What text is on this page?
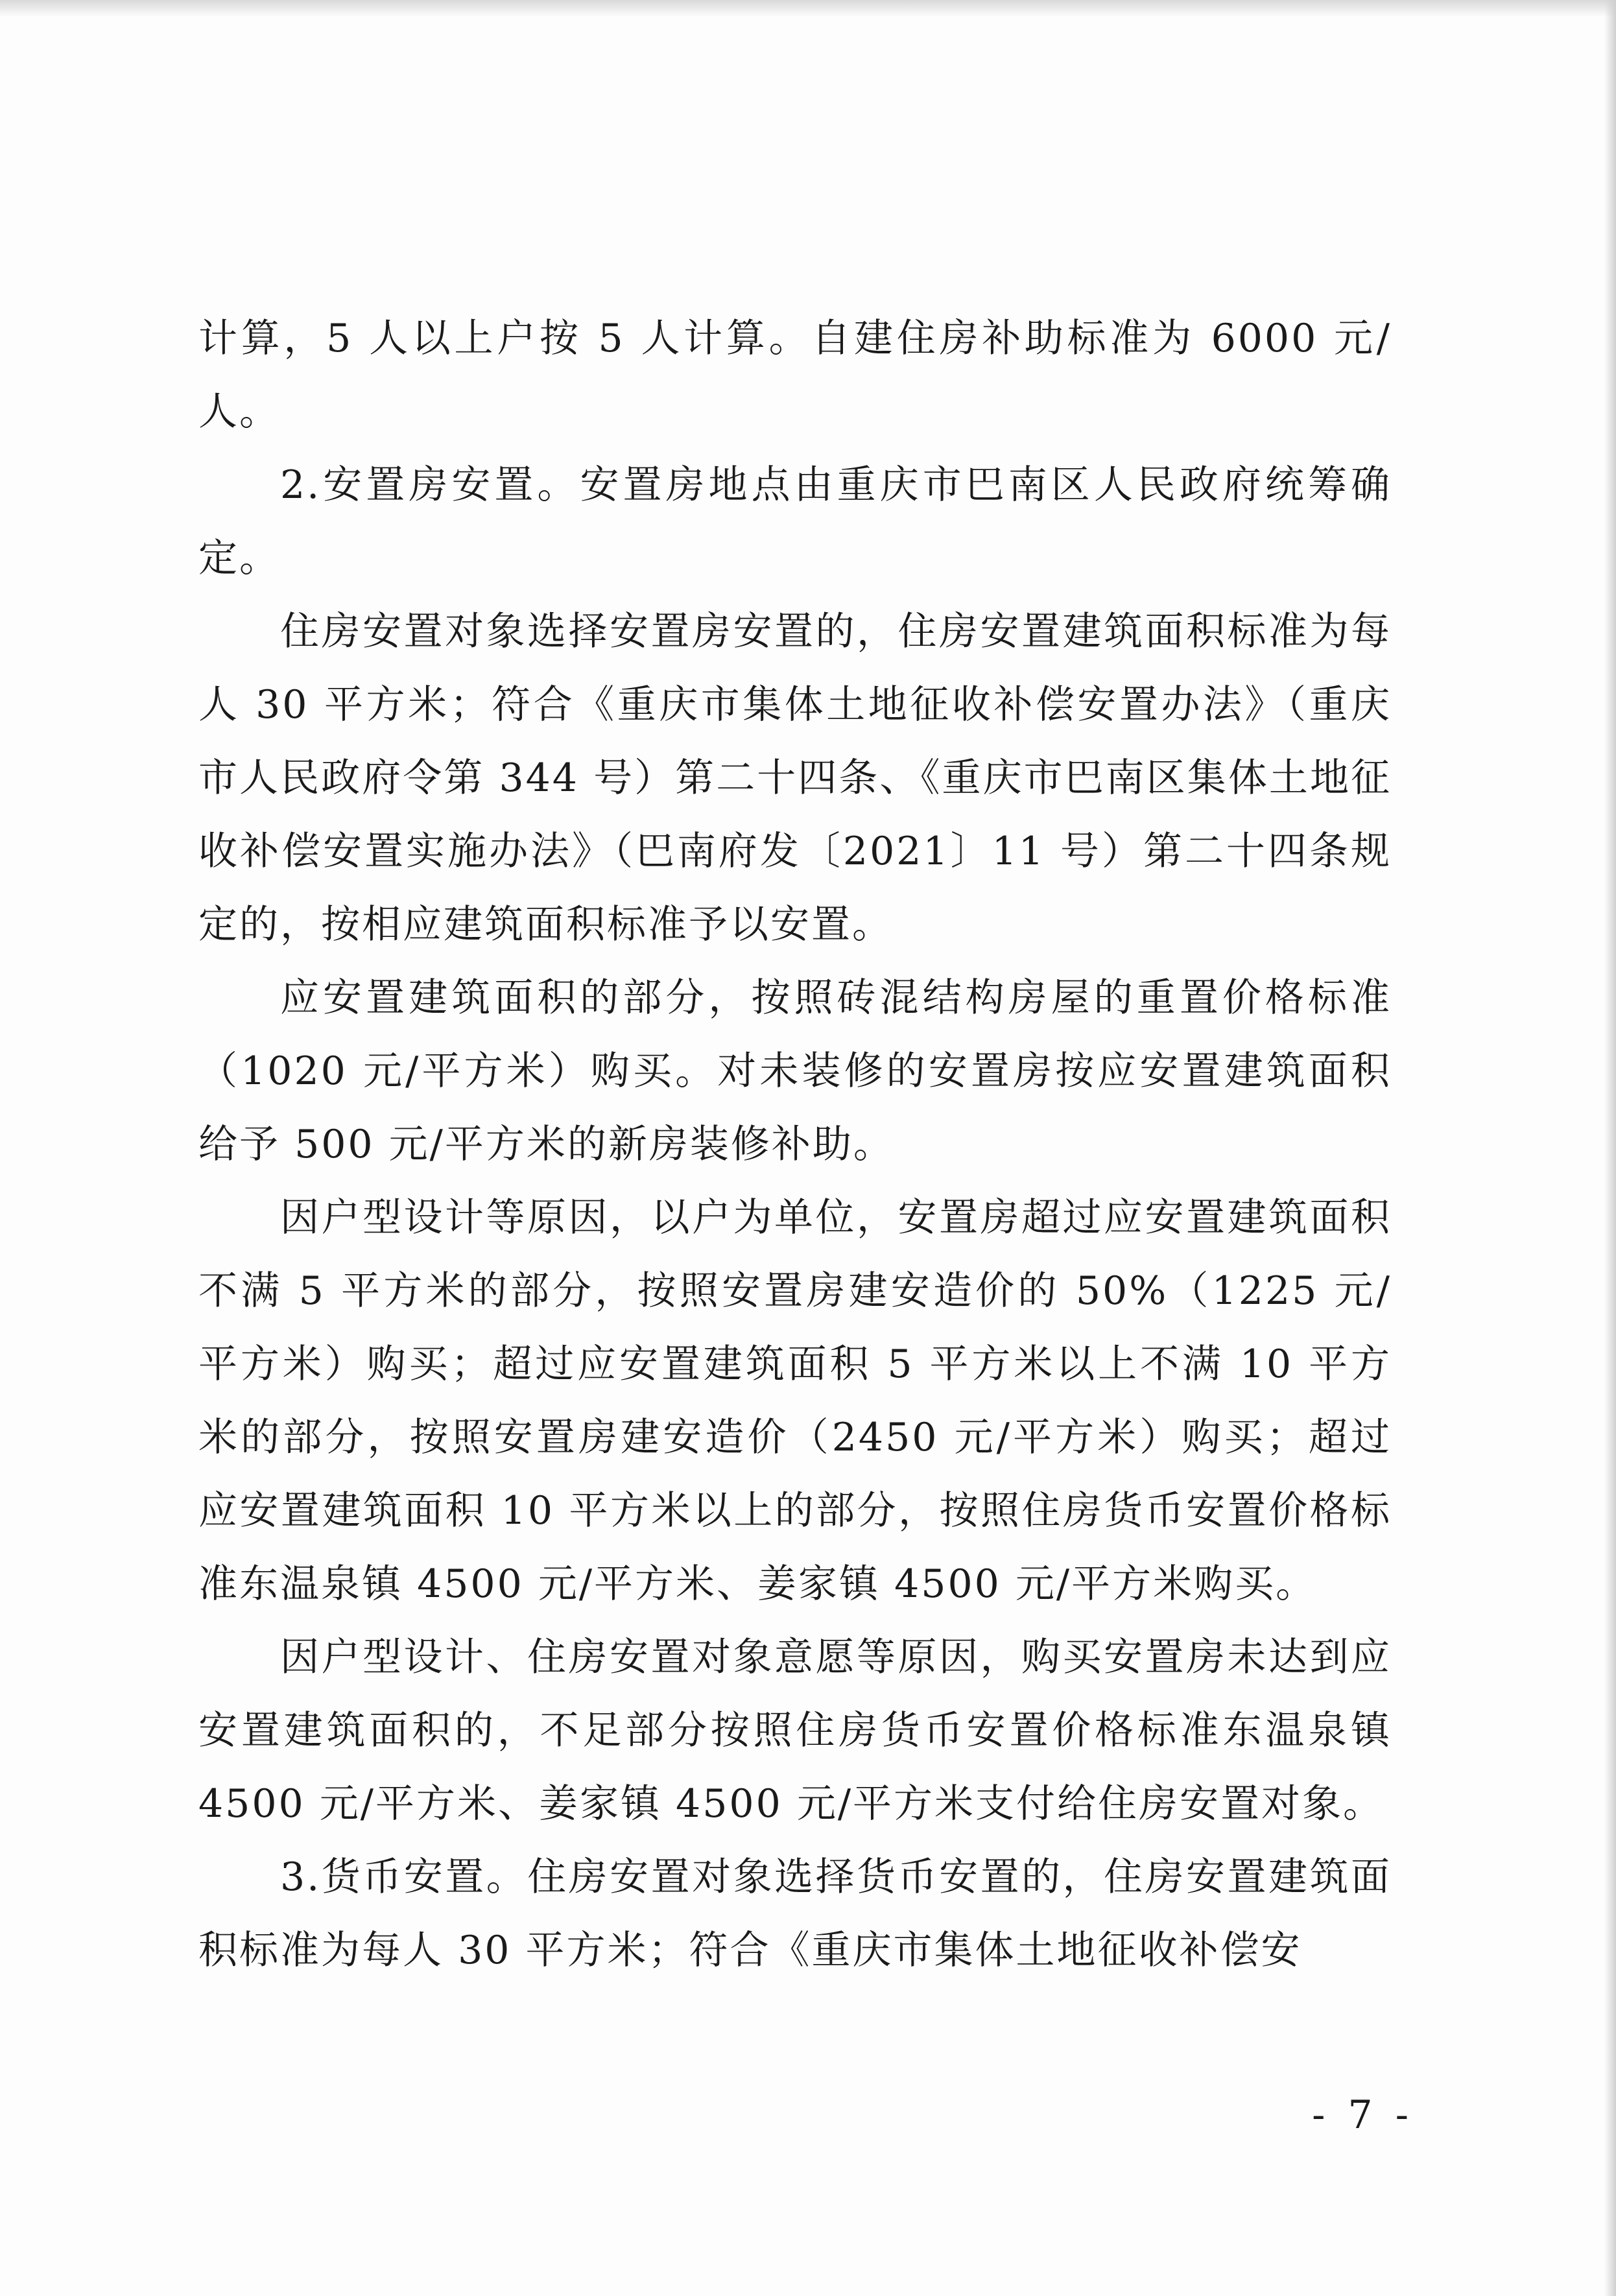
计算，5 人以上户按 5 人计算。自建住房补助标准为 6000 元/人。

2.安置房安置。安置房地点由重庆市巴南区人民政府统筹确定。

住房安置对象选择安置房安置的，住房安置建筑面积标准为每人 30 平方米；符合《重庆市集体土地征收补偿安置办法》（重庆市人民政府令第 344 号）第二十四条、《重庆市巴南区集体土地征收补偿安置实施办法》（巴南府发〔2021〕11 号）第二十四条规定的，按相应建筑面积标准予以安置。

应安置建筑面积的部分，按照砖混结构房屋的重置价格标准（1020 元/平方米）购买。对未装修的安置房按应安置建筑面积给予 500 元/平方米的新房装修补助。

因户型设计等原因，以户为单位，安置房超过应安置建筑面积不满 5 平方米的部分，按照安置房建安造价的 50%（1225 元/平方米）购买；超过应安置建筑面积 5 平方米以上不满 10 平方米的部分，按照安置房建安造价（2450 元/平方米）购买；超过应安置建筑面积 10 平方米以上的部分，按照住房货币安置价格标准东温泉镇 4500 元/平方米、姜家镇 4500 元/平方米购买。

因户型设计、住房安置对象意愿等原因，购买安置房未达到应安置建筑面积的，不足部分按照住房货币安置价格标准东温泉镇 4500 元/平方米、姜家镇 4500 元/平方米支付给住房安置对象。

3.货币安置。住房安置对象选择货币安置的，住房安置建筑面积标准为每人 30 平方米；符合《重庆市集体土地征收补偿安

- 7 -
